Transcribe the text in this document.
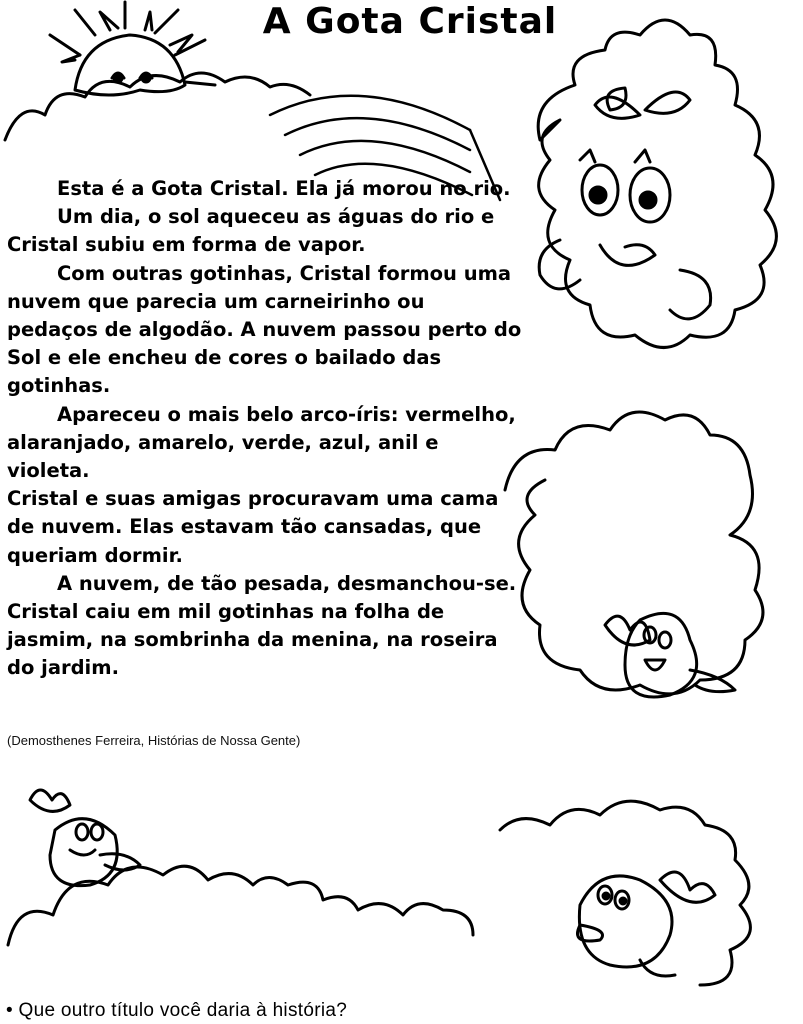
A Gota Cristal

Esta é a Gota Cristal. Ela já morou no rio.

Um dia, o sol aqueceu as águas do rio e Cristal subiu em forma de vapor.

Com outras gotinhas, Cristal formou uma nuvem que parecia um carneirinho ou pedaços de algodão. A nuvem passou perto do Sol e ele encheu de cores o bailado das gotinhas.

Apareceu o mais belo arco-íris: vermelho, alaranjado, amarelo, verde, azul, anil e violeta.

Cristal e suas amigas procuravam uma cama de nuvem. Elas estavam tão cansadas, que queriam dormir.

A nuvem, de tão pesada, desmanchou-se. Cristal caiu em mil gotinhas na folha de jasmim, na sombrinha da menina, na roseira do jardim.

(Demosthenes Ferreira, Histórias de Nossa Gente)
• Que outro título você daria à história?
